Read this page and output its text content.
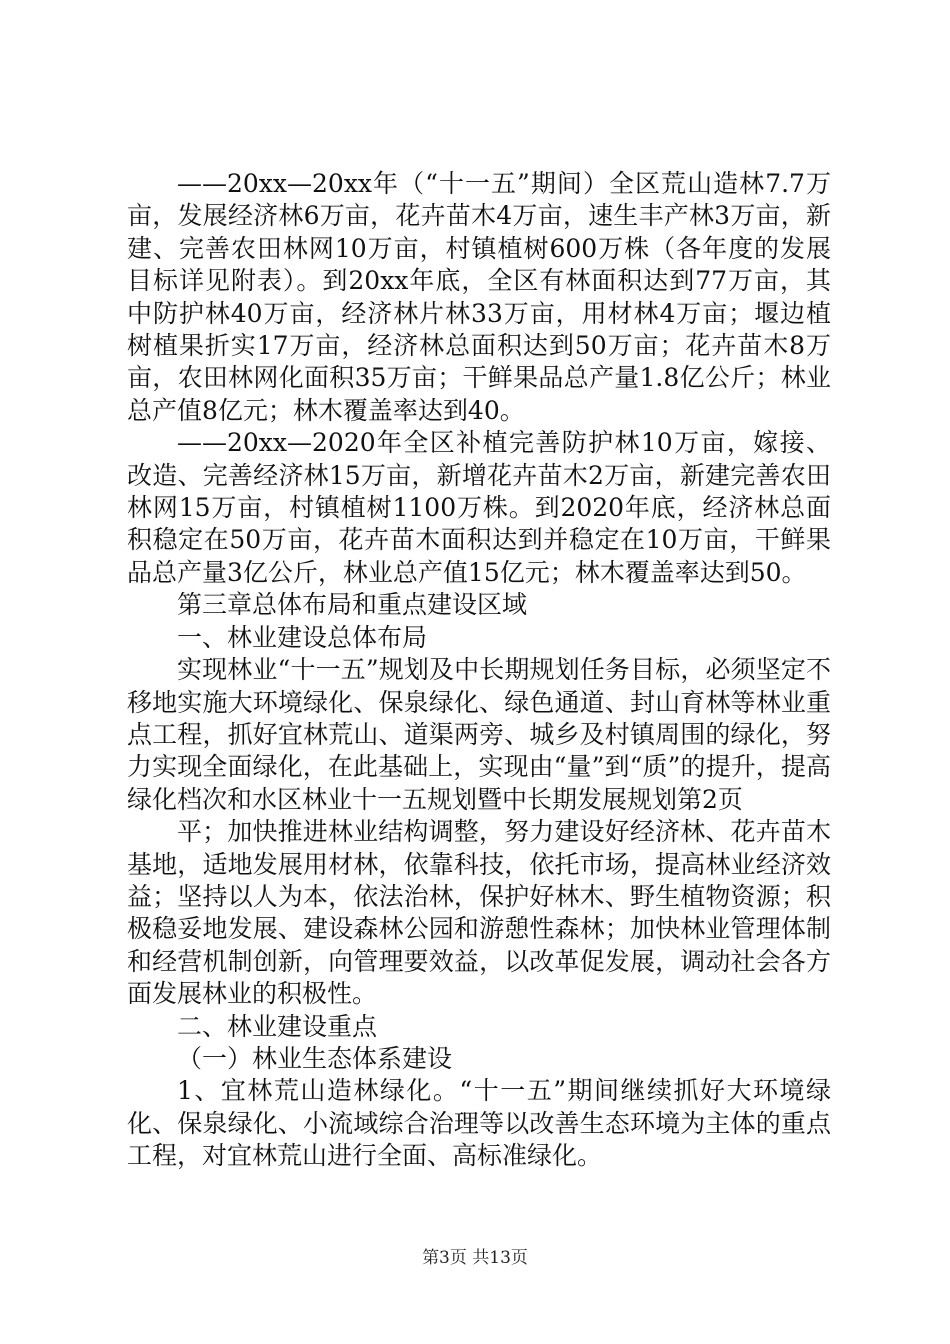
——20xx—20xx年（“十一五”期间）全区荒山造林7.7万亩，发展经济林6万亩，花卉苗木4万亩，速生丰产林3万亩，新建、完善农田林网10万亩，村镇植树600万株（各年度的发展目标详见附表）。到20xx年底，全区有林面积达到77万亩，其中防护林40万亩，经济林片林33万亩，用材林4万亩；堰边植树植果折实17万亩，经济林总面积达到50万亩；花卉苗木8万亩，农田林网化面积35万亩；干鲜果品总产量1.8亿公斤；林业总产值8亿元；林木覆盖率达到40。

——20xx—2020年全区补植完善防护林10万亩，嫁接、改造、完善经济林15万亩，新增花卉苗木2万亩，新建完善农田林网15万亩，村镇植树1100万株。到2020年底，经济林总面积稳定在50万亩，花卉苗木面积达到并稳定在10万亩，干鲜果品总产量3亿公斤，林业总产值15亿元；林木覆盖率达到50。

第三章总体布局和重点建设区域

一、林业建设总体布局

实现林业“十一五”规划及中长期规划任务目标，必须坚定不移地实施大环境绿化、保泉绿化、绿色通道、封山育林等林业重点工程，抓好宜林荒山、道渠两旁、城乡及村镇周围的绿化，努力实现全面绿化，在此基础上，实现由“量”到“质”的提升，提高绿化档次和水区林业十一五规划暨中长期发展规划第2页

平；加快推进林业结构调整，努力建设好经济林、花卉苗木基地，适地发展用材林，依靠科技，依托市场，提高林业经济效益；坚持以人为本，依法治林，保护好林木、野生植物资源；积极稳妥地发展、建设森林公园和游憩性森林；加快林业管理体制和经营机制创新，向管理要效益，以改革促发展，调动社会各方面发展林业的积极性。

二、林业建设重点

（一）林业生态体系建设

1、宜林荒山造林绿化。“十一五”期间继续抓好大环境绿化、保泉绿化、小流域综合治理等以改善生态环境为主体的重点工程，对宜林荒山进行全面、高标准绿化。

第3页 共13页
